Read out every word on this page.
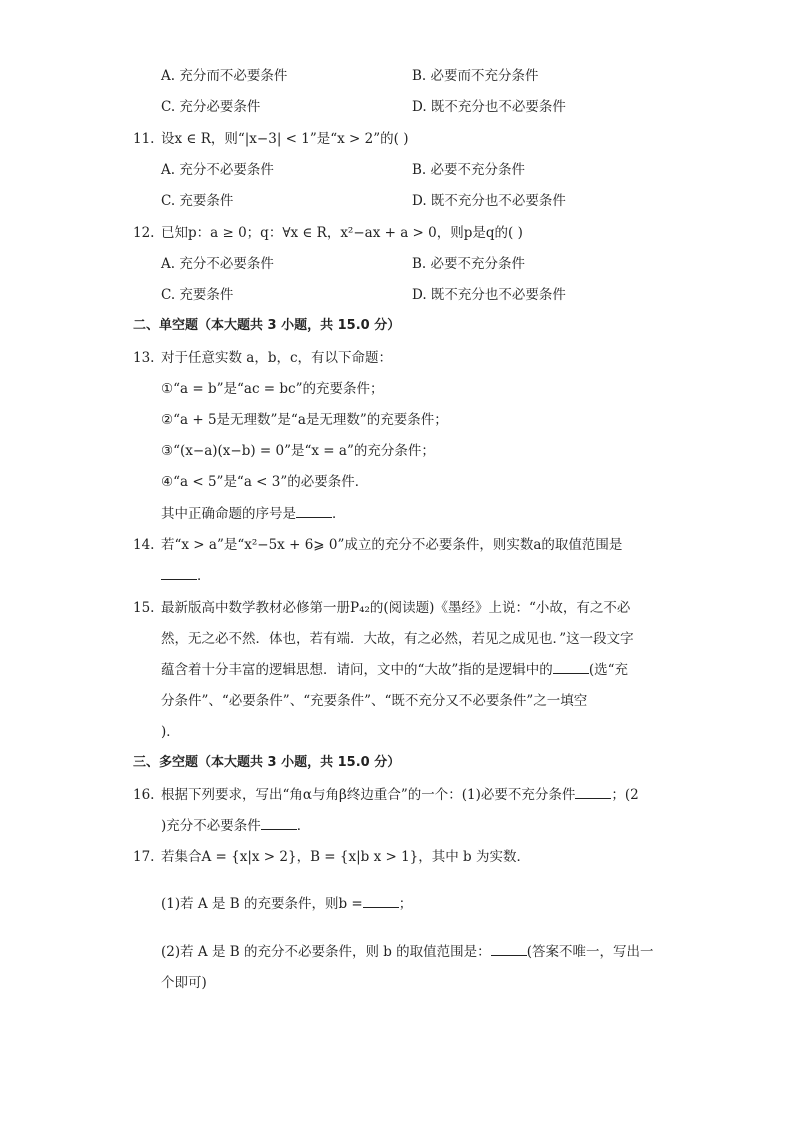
A. 充分而不必要条件	B. 必要而不充分条件
C. 充分必要条件	D. 既不充分也不必要条件
11. 设x ∈ R，则“|x−3| < 1”是“x > 2”的( )
A. 充分不必要条件	B. 必要不充分条件
C. 充要条件	D. 既不充分也不必要条件
12. 已知p：a ≥ 0；q：∀x ∈ R，x²−ax + a > 0，则p是q的( )
A. 充分不必要条件	B. 必要不充分条件
C. 充要条件	D. 既不充分也不必要条件
二、单空题（本大题共 3 小题，共 15.0 分）
13. 对于任意实数 a，b，c，有以下命题：
①“a = b”是“ac = bc”的充要条件；
②“a + 5是无理数”是“a是无理数”的充要条件；
③“(x−a)(x−b) = 0”是“x = a”的充分条件；
④“a < 5”是“a < 3”的必要条件．
其中正确命题的序号是	．
14. 若“x > a”是“x²−5x + 6⩾ 0”成立的充分不必要条件，则实数a的取值范围是
．
15. 最新版高中数学教材必修第一册P₄₂的(阅读题)《墨经》上说：“小故，有之不必
然，无之必不然．体也，若有端．大故，有之必然，若见之成见也．”这一段文字
蕴含着十分丰富的逻辑思想．请问，文中的“大故”指的是逻辑中的	(选“充
分条件”、“必要条件”、“充要条件”、“既不充分又不必要条件”之一填空
)．
三、多空题（本大题共 3 小题，共 15.0 分）
16. 根据下列要求，写出“角α与角β终边重合”的一个：(1)必要不充分条件	；(2
)充分不必要条件	．
17. 若集合A = {x|x > 2}，B = {x|b x > 1}，其中 b 为实数．
(1)若 A 是 B 的充要条件，则b =	；
(2)若 A 是 B 的充分不必要条件，则 b 的取值范围是：	(答案不唯一，写出一
个即可)
